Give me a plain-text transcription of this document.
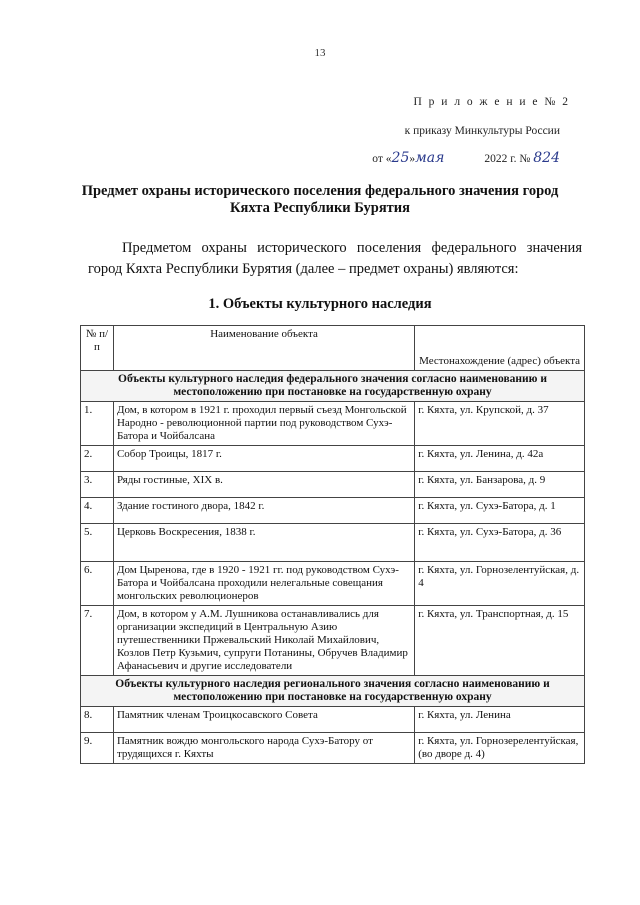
13
П р и л о ж е н и е № 2
к приказу Минкультуры России
от «25»мая	2022 г. № 824
Предмет охраны исторического поселения федерального значения город Кяхта Республики Бурятия
Предметом охраны исторического поселения федерального значения город Кяхта Республики Бурятия (далее – предмет охраны) являются:
1. Объекты культурного наследия
№ п/п	Наименование объекта	Местонахождение (адрес) объекта
Объекты культурного наследия федерального значения согласно наименованию и местоположению при постановке на государственную охрану		
1.	Дом, в котором в 1921 г. проходил первый съезд Монгольской Народно - революционной партии под руководством Сухэ-Батора и Чойбалсана	г. Кяхта, ул. Крупской, д. 37
2.	Собор Троицы, 1817 г.	г. Кяхта, ул. Ленина, д. 42а
3.	Ряды гостиные, XIX в.	г. Кяхта, ул. Банзарова, д. 9
4.	Здание гостиного двора, 1842 г.	г. Кяхта, ул. Сухэ-Батора, д. 1
5.	Церковь Воскресения, 1838 г.	г. Кяхта, ул. Сухэ-Батора, д. 36
6.	Дом Цыренова, где в 1920 - 1921 гг. под руководством Сухэ-Батора и Чойбалсана проходили нелегальные совещания монгольских революционеров	г. Кяхта, ул. Горнозелентуйская, д. 4
7.	Дом, в котором у А.М. Лушникова останавливались для организации экспедиций в Центральную Азию путешественники Пржевальский Николай Михайлович, Козлов Петр Кузьмич, супруги Потанины, Обручев Владимир Афанасьевич и другие исследователи	г. Кяхта, ул. Транспортная, д. 15
Объекты культурного наследия регионального значения согласно наименованию и местоположению при постановке на государственную охрану		
8.	Памятник членам Троицкосавского Совета	г. Кяхта, ул. Ленина
9.	Памятник вождю монгольского народа Сухэ-Батору от трудящихся г. Кяхты	г. Кяхта, ул. Горнозерелентуйская, (во дворе д. 4)
